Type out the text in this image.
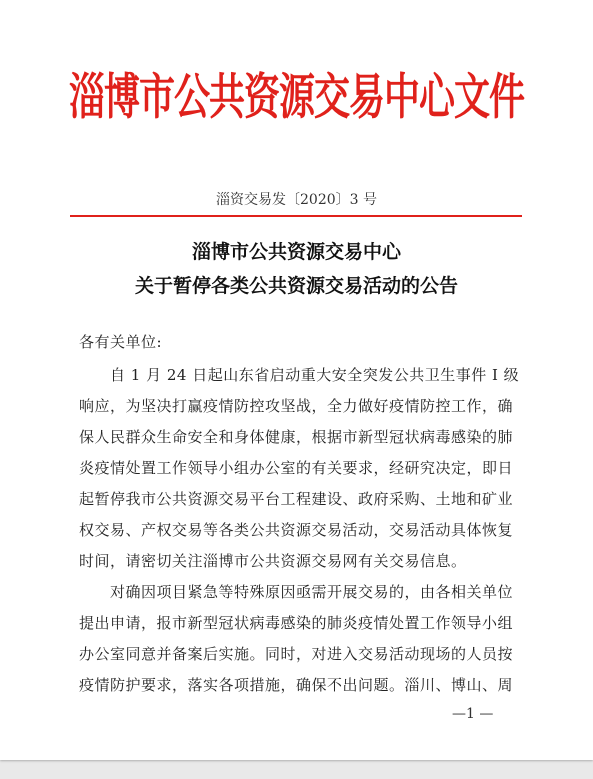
淄博市公共资源交易中心文件
淄资交易发〔2020〕3 号
淄博市公共资源交易中心
关于暂停各类公共资源交易活动的公告
各有关单位:
　　自 1 月 24 日起山东省启动重大安全突发公共卫生事件 I 级
响应，为坚决打赢疫情防控攻坚战，全力做好疫情防控工作，确
保人民群众生命安全和身体健康，根据市新型冠状病毒感染的肺
炎疫情处置工作领导小组办公室的有关要求，经研究决定，即日
起暂停我市公共资源交易平台工程建设、政府采购、土地和矿业
权交易、产权交易等各类公共资源交易活动，交易活动具体恢复
时间，请密切关注淄博市公共资源交易网有关交易信息。
　　对确因项目紧急等特殊原因亟需开展交易的，由各相关单位
提出申请，报市新型冠状病毒感染的肺炎疫情处置工作领导小组
办公室同意并备案后实施。同时，对进入交易活动现场的人员按
疫情防护要求，落实各项措施，确保不出问题。淄川、博山、周
—1 —
